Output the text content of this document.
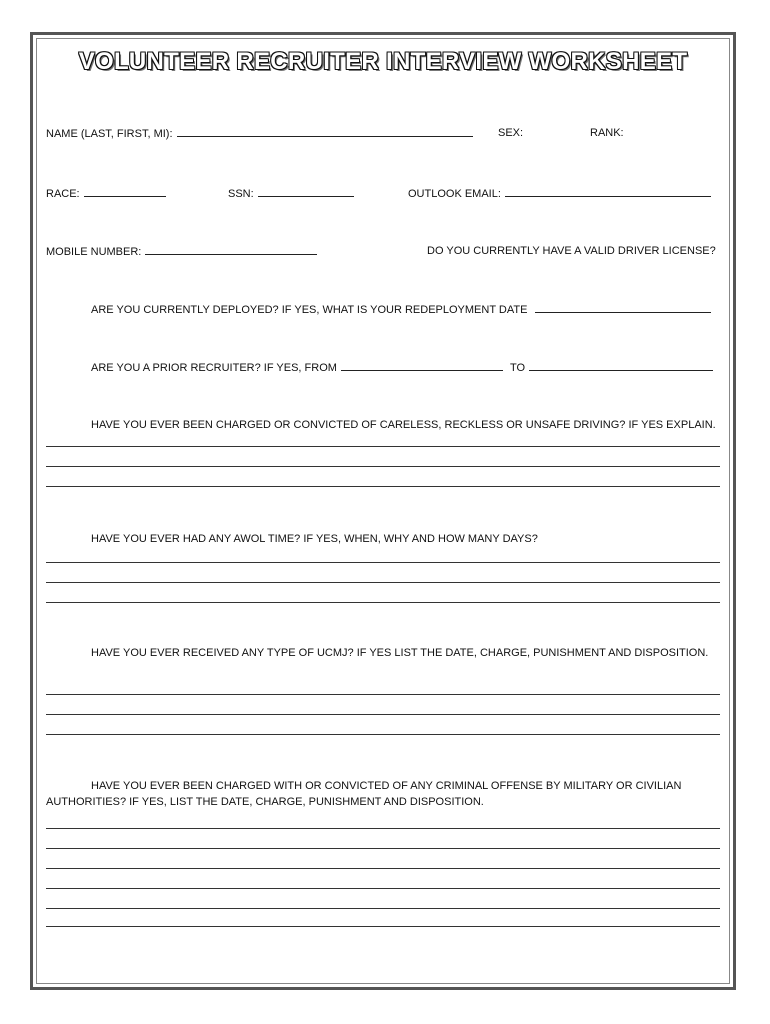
VOLUNTEER RECRUITER INTERVIEW WORKSHEET
NAME (LAST, FIRST, MI):	SEX:	RANK:
RACE:	SSN:	OUTLOOK EMAIL:
MOBILE NUMBER:	DO YOU CURRENTLY HAVE A VALID DRIVER LICENSE?
ARE YOU CURRENTLY DEPLOYED? IF YES, WHAT IS YOUR REDEPLOYMENT DATE
ARE YOU A PRIOR RECRUITER? IF YES, FROM	TO
HAVE YOU EVER BEEN CHARGED OR CONVICTED OF CARELESS, RECKLESS OR UNSAFE DRIVING? IF YES EXPLAIN.
HAVE YOU EVER HAD ANY AWOL TIME? IF YES, WHEN, WHY AND HOW MANY DAYS?
HAVE YOU EVER RECEIVED ANY TYPE OF UCMJ? IF YES LIST THE DATE, CHARGE, PUNISHMENT AND DISPOSITION.
HAVE YOU EVER BEEN CHARGED WITH OR CONVICTED OF ANY CRIMINAL OFFENSE BY MILITARY OR CIVILIAN AUTHORITIES? IF YES, LIST THE DATE, CHARGE, PUNISHMENT AND DISPOSITION.
